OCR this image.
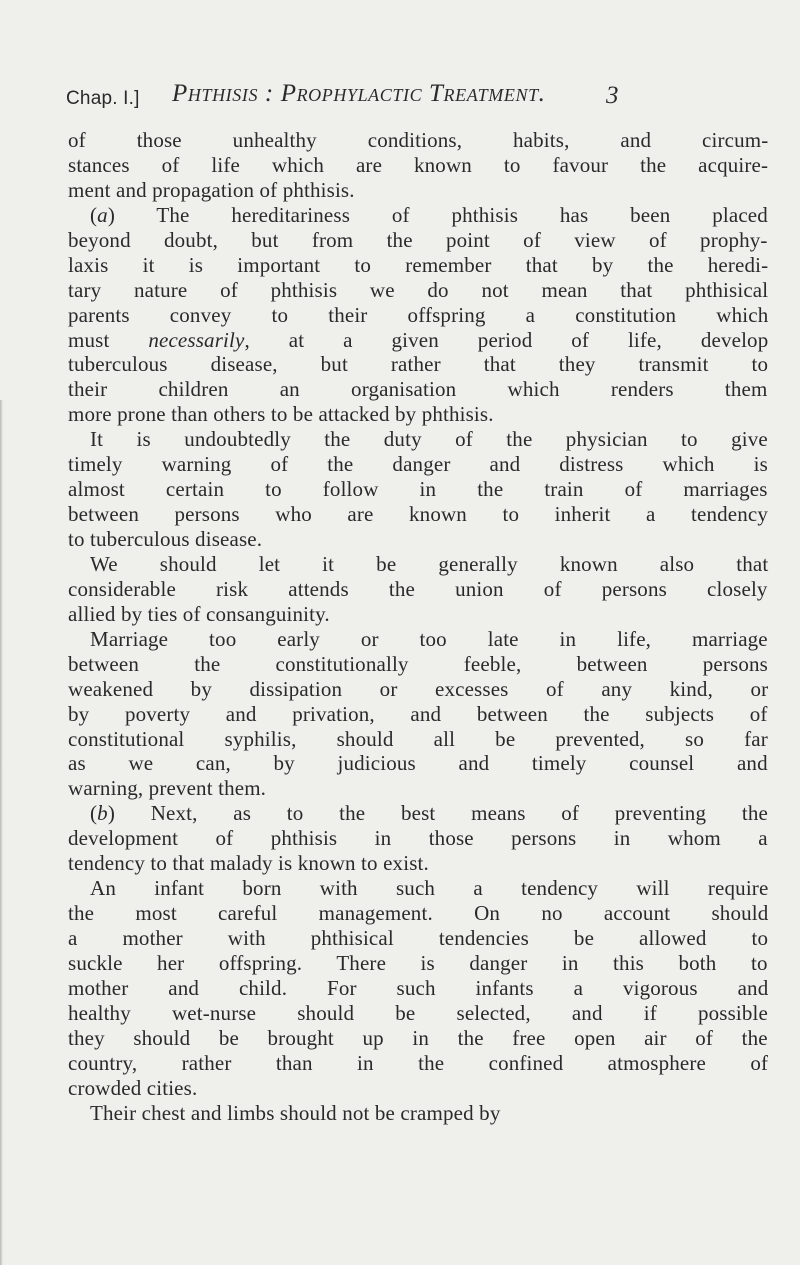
Chap. I.] Phthisis : Prophylactic Treatment. 3
of those unhealthy conditions, habits, and circum-
stances of life which are known to favour the acquire-
ment and propagation of phthisis.
(a) The hereditariness of phthisis has been placed
beyond doubt, but from the point of view of prophy-
laxis it is important to remember that by the heredi-
tary nature of phthisis we do not mean that phthisical
parents convey to their offspring a constitution which
must necessarily, at a given period of life, develop
tuberculous disease, but rather that they transmit to
their children an organisation which renders them
more prone than others to be attacked by phthisis.
It is undoubtedly the duty of the physician to give
timely warning of the danger and distress which is
almost certain to follow in the train of marriages
between persons who are known to inherit a tendency
to tuberculous disease.
We should let it be generally known also that
considerable risk attends the union of persons closely
allied by ties of consanguinity.
Marriage too early or too late in life, marriage
between the constitutionally feeble, between persons
weakened by dissipation or excesses of any kind, or
by poverty and privation, and between the subjects of
constitutional syphilis, should all be prevented, so far
as we can, by judicious and timely counsel and
warning, prevent them.
(b) Next, as to the best means of preventing the
development of phthisis in those persons in whom a
tendency to that malady is known to exist.
An infant born with such a tendency will require
the most careful management. On no account should
a mother with phthisical tendencies be allowed to
suckle her offspring. There is danger in this both to
mother and child. For such infants a vigorous and
healthy wet-nurse should be selected, and if possible
they should be brought up in the free open air of the
country, rather than in the confined atmosphere of
crowded cities.
Their chest and limbs should not be cramped by
